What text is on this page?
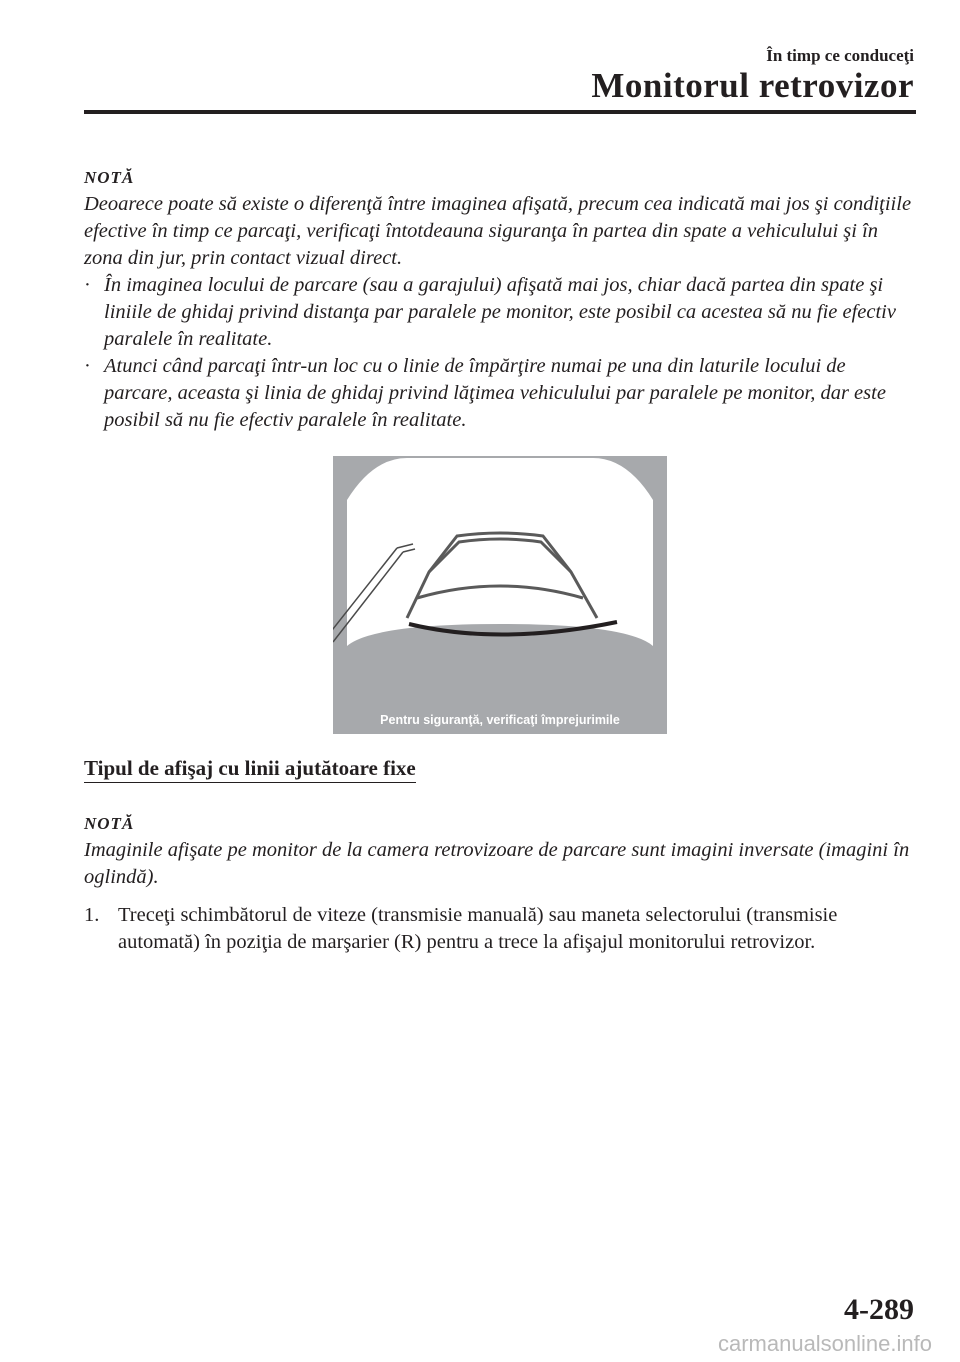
În timp ce conduceţi
Monitorul retrovizor
NOTĂ
Deoarece poate să existe o diferenţă între imaginea afişată, precum cea indicată mai jos şi condiţiile efective în timp ce parcaţi, verificaţi întotdeauna siguranţa în partea din spate a vehiculului şi în zona din jur, prin contact vizual direct.
· În imaginea locului de parcare (sau a garajului) afişată mai jos, chiar dacă partea din spate şi liniile de ghidaj privind distanţa par paralele pe monitor, este posibil ca acestea să nu fie efectiv paralele în realitate.
· Atunci când parcaţi într-un loc cu o linie de împărţire numai pe una din laturile locului de parcare, aceasta şi linia de ghidaj privind lăţimea vehiculului par paralele pe monitor, dar este posibil să nu fie efectiv paralele în realitate.
Pentru siguranţă, verificaţi împrejurimile
Tipul de afişaj cu linii ajutătoare fixe
NOTĂ
Imaginile afişate pe monitor de la camera retrovizoare de parcare sunt imagini inversate (imagini în oglindă).
1. Treceţi schimbătorul de viteze (transmisie manuală) sau maneta selectorului (transmisie automată) în poziţia de marşarier (R) pentru a trece la afişajul monitorului retrovizor.
4-289
carmanualsonline.info
